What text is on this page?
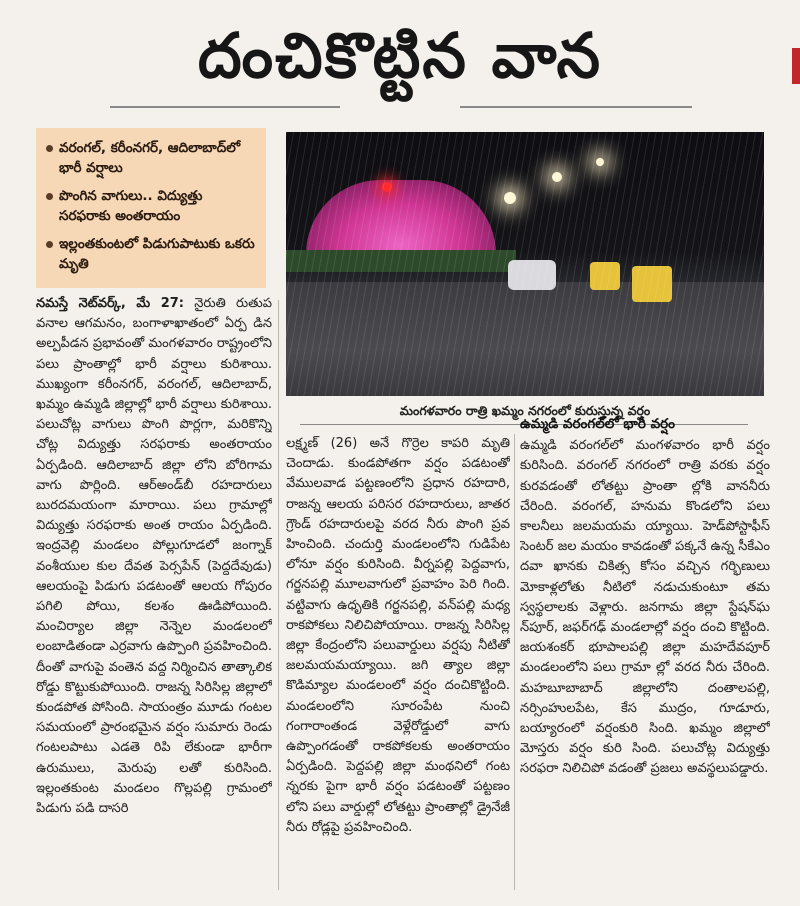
దంచికొట్టిన వాన
వరంగల్, కరీంనగర్, ఆదిలాబాద్‌లో భారీ వర్షాలు
పొంగిన వాగులు.. విద్యుత్తు సరఫరాకు అంతరాయం
ఇల్లంతకుంటలో పిడుగుపాటుకు ఒకరు మృతి
మంగళవారం రాత్రి ఖమ్మం నగరంలో కురుస్తున్న వర్షం
నమస్తే నెట్‌వర్క్, మే 27: నైరుతి రుతుప వనాల ఆగమనం, బంగాళాఖాతంలో ఏర్ప డిన అల్పపీడన ప్రభావంతో మంగళవారం రాష్ట్రంలోని పలు ప్రాంతాల్లో భారీ వర్షాలు కురిశాయి. ముఖ్యంగా కరీంనగర్, వరంగల్, ఆదిలాబాద్, ఖమ్మం ఉమ్మడి జిల్లాల్లో భారీ వర్షాలు కురిశాయి. పలుచోట్ల వాగులు పొంగి పొర్లగా, మరికొన్ని చోట్ల విద్యుత్తు సరఫరాకు అంతరాయం ఏర్పడింది. ఆదిలాబాద్ జిల్లా లోని బోరిగామ వాగు పొర్లింది. ఆర్‌అండ్‌బీ రహదారులు బురదమయంగా మారాయి. పలు గ్రామాల్లో విద్యుత్తు సరఫరాకు అంత రాయం ఏర్పడింది. ఇంద్రవెల్లి మండలం పోల్లుగూడలో జంగ్నాక్ వంశీయుల కుల దేవత పెర్సపేన్ (పెద్దదేవుడు) ఆలయంపై పిడుగు పడటంతో ఆలయ గోపురం పగిలి పోయి, కలశం ఊడిపోయింది. మంచిర్యాల జిల్లా నెన్నెల మండలంలో లంబాడితండా ఎర్రవాగు ఉప్పొంగి ప్రవహించింది. దీంతో వాగుపై వంతెన వద్ద నిర్మించిన తాత్కాలిక రోడ్డు కొట్టుకుపోయింది. రాజన్న సిరిసిల్ల జిల్లాలో కుండపోత పోసింది. సాయంత్రం మూడు గంటల సమయంలో ప్రారంభమైన వర్షం సుమారు రెండు గంటలపాటు ఎడతె రిపి లేకుండా భారీగా ఉరుములు, మెరుపు లతో కురిసింది. ఇల్లంతకుంట మండలం గొల్లపల్లి గ్రామంలో పిడుగు పడి దాసరి
లక్ష్మణ్ (26) అనే గొర్రెల కాపరి మృతి చెందాడు. కుండపోతగా వర్షం పడటంతో వేములవాడ పట్టణంలోని ప్రధాన రహదారి, రాజన్న ఆలయ పరిసర రహదారులు, జాతర గ్రౌండ్ రహదారులపై వరద నీరు పొంగి ప్రవ హించింది. చందుర్తి మండలంలోని గుడిపేట లోనూ వర్షం కురిసింది. వీర్నపల్లి పెద్దవాగు, గర్జనపల్లి మూలవాగులో ప్రవాహం పెరి గింది. వట్టివాగు ఉధృతికి గర్జనపల్లి, వన్‌పల్లి మధ్య రాకపోకలు నిలిచిపోయాయి. రాజన్న సిరిసిల్ల జిల్లా కేంద్రంలోని పలువార్డులు వర్షపు నీటితో జలమయమయ్యాయి. జగి త్యాల జిల్లా కొడిమ్యాల మండలంలో వర్షం దంచికొట్టింది. మండలంలోని సూరంపేట నుంచి గంగారాంతండ వెళ్లేరోడ్డులో వాగు ఉప్పొంగడంతో రాకపోకలకు అంతరాయం ఏర్పడింది. పెద్దపల్లి జిల్లా మంథనిలో గంట న్నరకు పైగా భారీ వర్షం పడటంతో పట్టణం లోని పలు వార్డుల్లో లోతట్టు ప్రాంతాల్లో డ్రైనేజీ నీరు రోడ్లపై ప్రవహించింది.
ఉమ్మడి వరంగల్‌లో భారీ వర్షం
ఉమ్మడి వరంగల్‌లో మంగళవారం భారీ వర్షం కురిసింది. వరంగల్ నగరంలో రాత్రి వరకు వర్షం కురవడంతో లోతట్టు ప్రాంతా ల్లోకి వాననీరు చేరింది. వరంగల్, హనుమ కొండలోని పలు కాలనీలు జలమయమ య్యాయి. హెడ్‌పోస్టాఫీస్ సెంటర్ జల మయం కావడంతో పక్కనే ఉన్న సీకేఎం దవా ఖానకు చికిత్స కోసం వచ్చిన గర్భిణులు మోకాళ్లలోతు నీటిలో నడుచుకుంటూ తమ స్వస్థలాలకు వెళ్లారు. జనగామ జిల్లా స్టేషన్‌ఘ న్‌పూర్, జఫర్‌గఢ్ మండలాల్లో వర్షం దంచి కొట్టింది. జయశంకర్ భూపాలపల్లి జిల్లా మహదేవపూర్ మండలంలోని పలు గ్రామా ల్లో వరద నీరు చేరింది. మహబూబాబాద్ జిల్లాలోని దంతాలపల్లి, నర్సింహులపేట, కేస ముద్రం, గూడూరు, బయ్యారంలో వర్షంకురి సింది. ఖమ్మం జిల్లాలో మోస్తరు వర్షం కురి సింది. పలుచోట్ల విద్యుత్తు సరఫరా నిలిచిపో వడంతో ప్రజలు అవస్థలుపడ్డారు.
